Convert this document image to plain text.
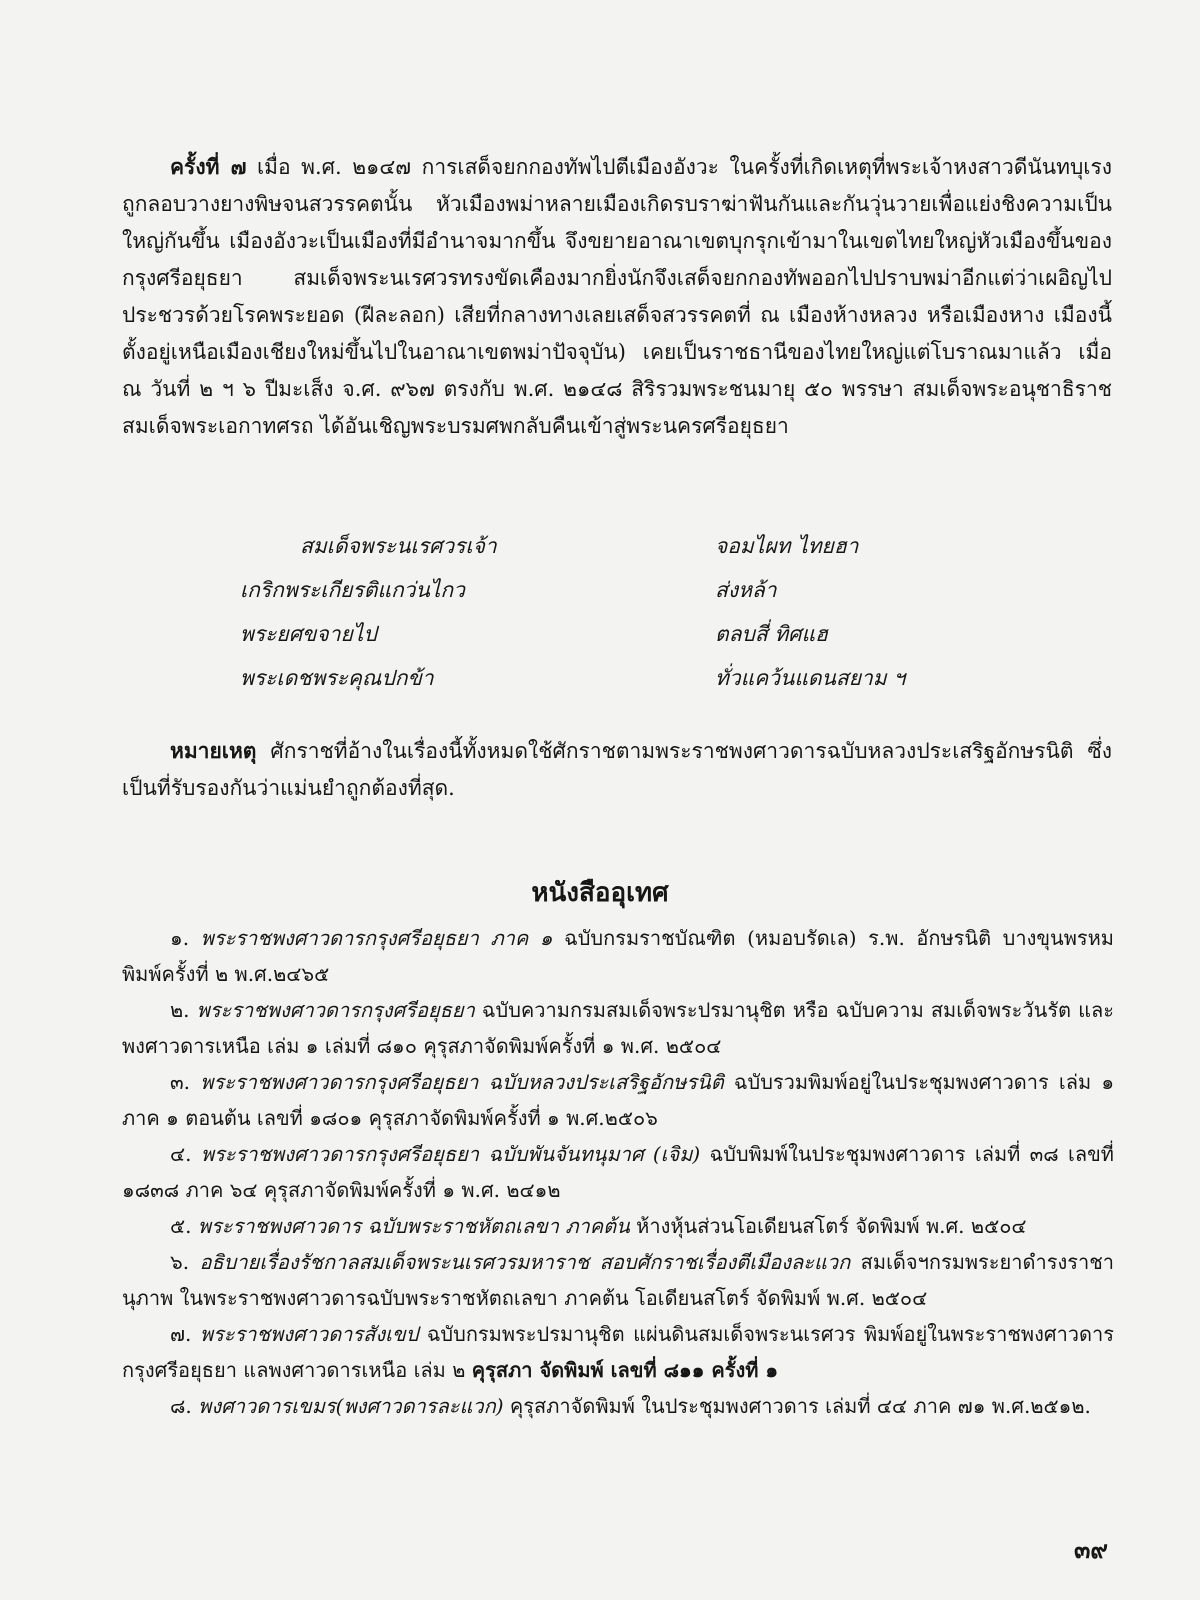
ครั้งที่ ๗ เมื่อ พ.ศ. ๒๑๔๗ การเสด็จยกกองทัพไปตีเมืองอังวะ ในครั้งที่เกิดเหตุที่พระเจ้าหงสาวดีนันทบุเรงถูกลอบวางยางพิษจนสวรรคตนั้น หัวเมืองพม่าหลายเมืองเกิดรบราฆ่าฟันกันและกันวุ่นวายเพื่อแย่งชิงความเป็นใหญ่กันขึ้น เมืองอังวะเป็นเมืองที่มีอำนาจมากขึ้น จึงขยายอาณาเขตบุกรุกเข้ามาในเขตไทยใหญ่หัวเมืองขึ้นของกรุงศรีอยุธยา สมเด็จพระนเรศวรทรงขัดเคืองมากยิ่งนักจึงเสด็จยกกองทัพออกไปปราบพม่าอีกแต่ว่าเผอิญไปประชวรด้วยโรคพระยอด (ฝีละลอก) เสียที่กลางทางเลยเสด็จสวรรคตที่ ณ เมืองห้างหลวง หรือเมืองหาง เมืองนี้ตั้งอยู่เหนือเมืองเชียงใหม่ขึ้นไปในอาณาเขตพม่าปัจจุบัน) เคยเป็นราชธานีของไทยใหญ่แต่โบราณมาแล้ว เมื่อ ณ วันที่ ๒ ฯ ๖ ปีมะเส็ง จ.ศ. ๙๖๗ ตรงกับ พ.ศ. ๒๑๔๘ สิริรวมพระชนมายุ ๕๐ พรรษา สมเด็จพระอนุชาธิราช สมเด็จพระเอกาทศรถ ได้อันเชิญพระบรมศพกลับคืนเข้าสู่พระนครศรีอยุธยา
สมเด็จพระนเรศวรเจ้า
เกริกพระเกียรติแกว่นไกว
พระยศขจายไป
พระเดชพระคุณปกข้า
จอมไผท ไทยฮา
ส่งหล้า
ตลบสี่ ทิศแฮ
ทั่วแคว้นแดนสยาม ฯ
หมายเหตุ ศักราชที่อ้างในเรื่องนี้ทั้งหมดใช้ศักราชตามพระราชพงศาวดารฉบับหลวงประเสริฐอักษรนิติ ซึ่งเป็นที่รับรองกันว่าแม่นยำถูกต้องที่สุด.
หนังสืออุเทศ
๑. พระราชพงศาวดารกรุงศรีอยุธยา ภาค ๑ ฉบับกรมราชบัณฑิต (หมอบรัดเล) ร.พ. อักษรนิติ บางขุนพรหม พิมพ์ครั้งที่ ๒ พ.ศ.๒๔๖๕
๒. พระราชพงศาวดารกรุงศรีอยุธยา ฉบับความกรมสมเด็จพระปรมานุชิต หรือ ฉบับความ สมเด็จพระวันรัต และพงศาวดารเหนือ เล่ม ๑ เล่มที่ ๘๑๐ คุรุสภาจัดพิมพ์ครั้งที่ ๑ พ.ศ. ๒๕๐๔
๓. พระราชพงศาวดารกรุงศรีอยุธยา ฉบับหลวงประเสริฐอักษรนิติ ฉบับรวมพิมพ์อยู่ในประชุมพงศาวดาร เล่ม ๑ ภาค ๑ ตอนต้น เลขที่ ๑๘๐๑ คุรุสภาจัดพิมพ์ครั้งที่ ๑ พ.ศ.๒๕๐๖
๔. พระราชพงศาวดารกรุงศรีอยุธยา ฉบับพันจันทนุมาศ (เจิม) ฉบับพิมพ์ในประชุมพงศาวดาร เล่มที่ ๓๘ เลขที่ ๑๘๓๘ ภาค ๖๔ คุรุสภาจัดพิมพ์ครั้งที่ ๑ พ.ศ. ๒๔๑๒
๕. พระราชพงศาวดาร ฉบับพระราชหัตถเลขา ภาคต้น ห้างหุ้นส่วนโอเดียนสโตร์ จัดพิมพ์ พ.ศ. ๒๕๐๔
๖. อธิบายเรื่องรัชกาลสมเด็จพระนเรศวรมหาราช สอบศักราชเรื่องตีเมืองละแวก สมเด็จฯกรมพระยาดำรงราชานุภาพ ในพระราชพงศาวดารฉบับพระราชหัตถเลขา ภาคต้น โอเดียนสโตร์ จัดพิมพ์ พ.ศ. ๒๕๐๔
๗. พระราชพงศาวดารสังเขป ฉบับกรมพระปรมานุชิต แผ่นดินสมเด็จพระนเรศวร พิมพ์อยู่ในพระราชพงศาวดารกรุงศรีอยุธยา แลพงศาวดารเหนือ เล่ม ๒ คุรุสภา จัดพิมพ์ เลขที่ ๘๑๑ ครั้งที่ ๑
๘. พงศาวดารเขมร(พงศาวดารละแวก) คุรุสภาจัดพิมพ์ ในประชุมพงศาวดาร เล่มที่ ๔๔ ภาค ๗๑ พ.ศ.๒๕๑๒.
๓๙
